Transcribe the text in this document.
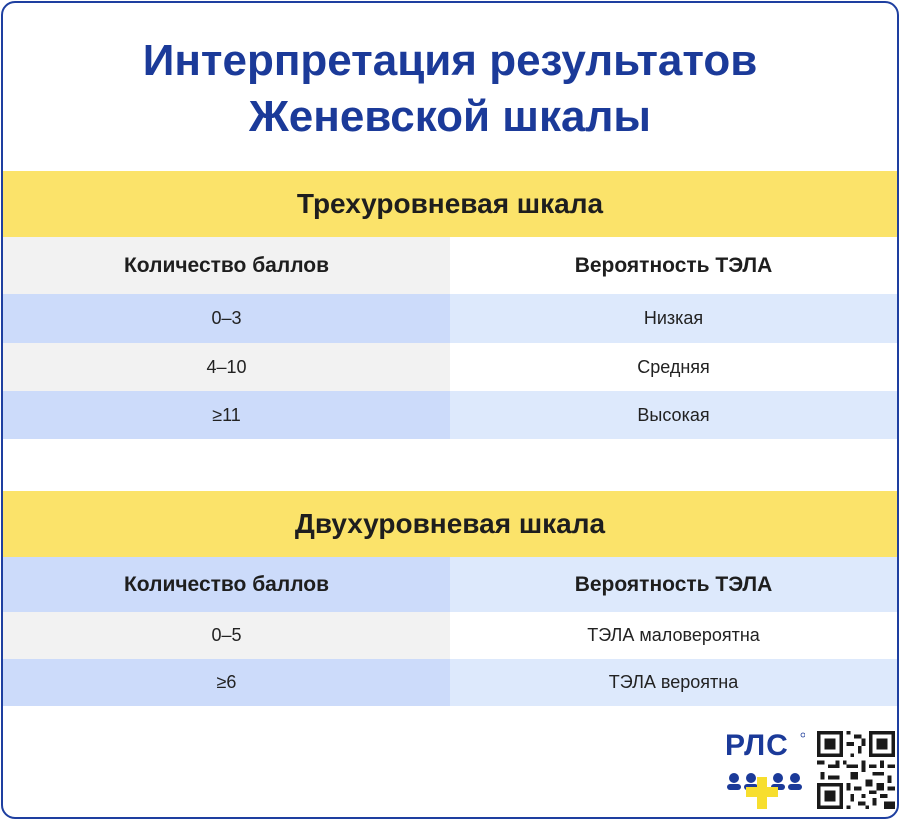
Интерпретация результатов
Женевской шкалы
Трехуровневая шкала
Количество баллов	Вероятность ТЭЛА
0–3	Низкая
4–10	Средняя
≥11	Высокая
Двухуровневая шкала
Количество баллов	Вероятность ТЭЛА
0–5	ТЭЛА маловероятна
≥6	ТЭЛА вероятна
РЛС
